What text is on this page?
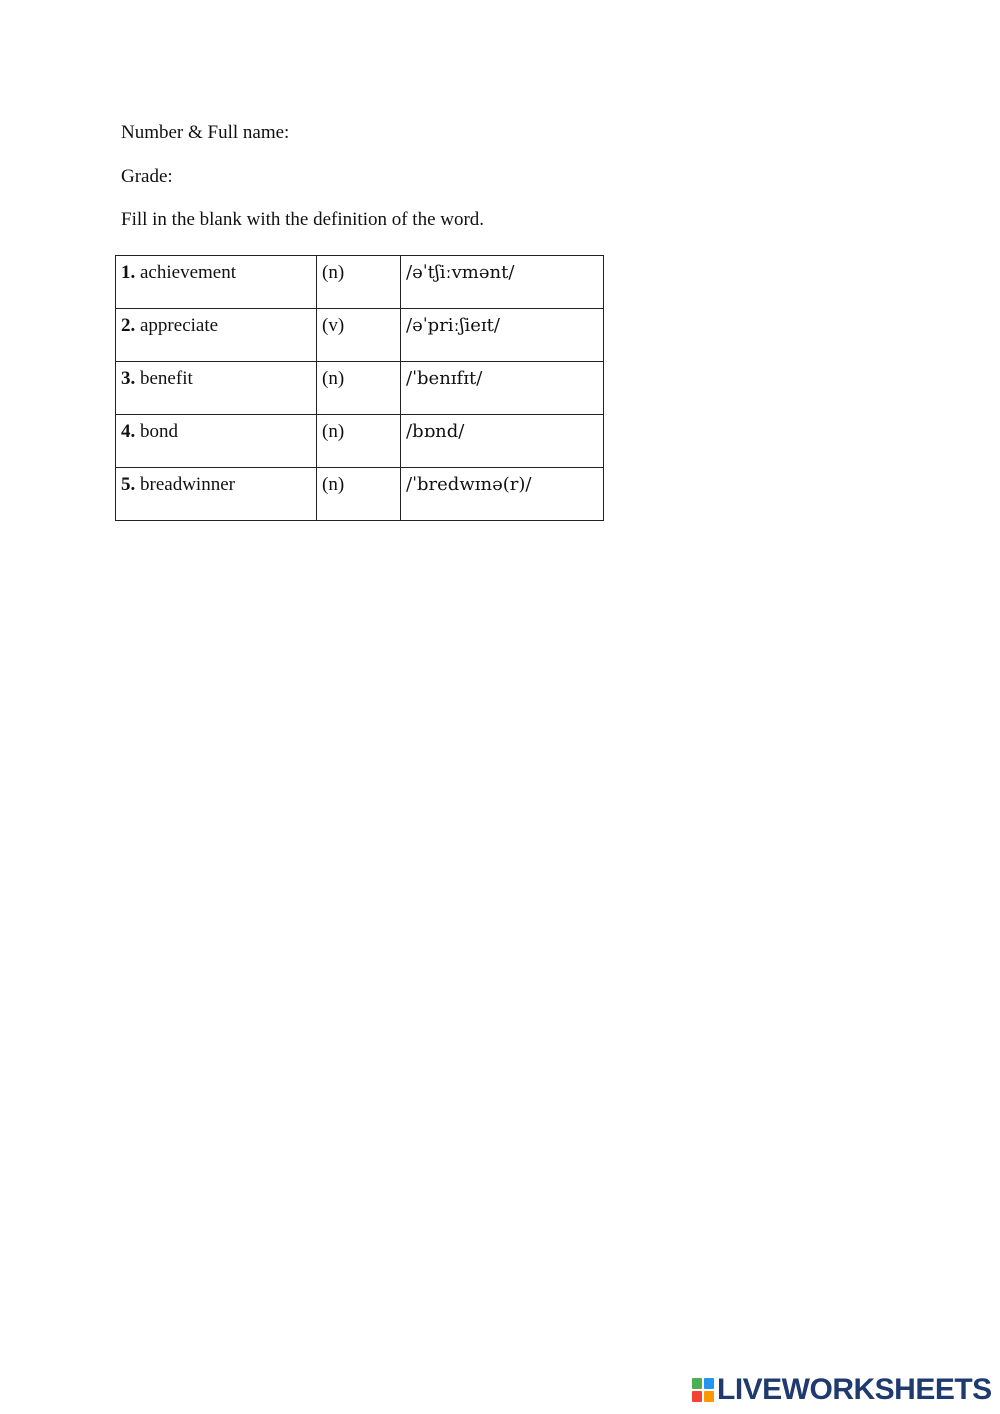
Number & Full name:
Grade:
Fill in the blank with the definition of the word.
1. achievement	(n)	/əˈtʃiːvmənt/
2. appreciate	(v)	/əˈpriːʃieɪt/
3. benefit	(n)	/ˈbenɪfɪt/
4. bond	(n)	/bɒnd/
5. breadwinner	(n)	/ˈbredwɪnə(r)/
LIVEWORKSHEETS
